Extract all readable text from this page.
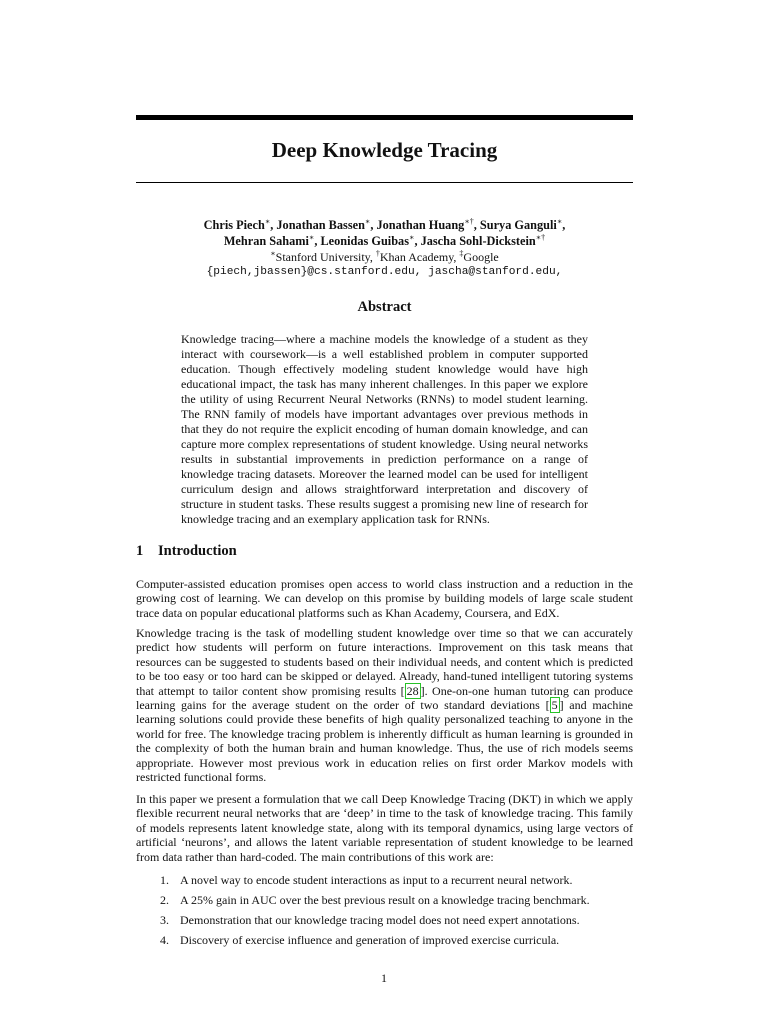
Deep Knowledge Tracing
Chris Piech∗, Jonathan Bassen∗, Jonathan Huang∗†, Surya Ganguli∗,
Mehran Sahami∗, Leonidas Guibas∗, Jascha Sohl-Dickstein∗†
∗Stanford University, †Khan Academy, ‡Google
{piech,jbassen}@cs.stanford.edu, jascha@stanford.edu,
Abstract

Knowledge tracing—where a machine models the knowledge of a student as they interact with coursework—is a well established problem in computer supported education. Though effectively modeling student knowledge would have high educational impact, the task has many inherent challenges. In this paper we explore the utility of using Recurrent Neural Networks (RNNs) to model student learning. The RNN family of models have important advantages over previous methods in that they do not require the explicit encoding of human domain knowledge, and can capture more complex representations of student knowledge. Using neural networks results in substantial improvements in prediction performance on a range of knowledge tracing datasets. Moreover the learned model can be used for intelligent curriculum design and allows straightforward interpretation and discovery of structure in student tasks. These results suggest a promising new line of research for knowledge tracing and an exemplary application task for RNNs.

1 Introduction

Computer-assisted education promises open access to world class instruction and a reduction in the growing cost of learning. We can develop on this promise by building models of large scale student trace data on popular educational platforms such as Khan Academy, Coursera, and EdX.

Knowledge tracing is the task of modelling student knowledge over time so that we can accurately predict how students will perform on future interactions. Improvement on this task means that resources can be suggested to students based on their individual needs, and content which is predicted to be too easy or too hard can be skipped or delayed. Already, hand-tuned intelligent tutoring systems that attempt to tailor content show promising results [ 28 ]. One-on-one human tutoring can produce learning gains for the average student on the order of two standard deviations [ 5 ] and machine learning solutions could provide these benefits of high quality personalized teaching to anyone in the world for free. The knowledge tracing problem is inherently difficult as human learning is grounded in the complexity of both the human brain and human knowledge. Thus, the use of rich models seems appropriate. However most previous work in education relies on first order Markov models with restricted functional forms.

In this paper we present a formulation that we call Deep Knowledge Tracing (DKT) in which we apply flexible recurrent neural networks that are ‘deep’ in time to the task of knowledge tracing. This family of models represents latent knowledge state, along with its temporal dynamics, using large vectors of artificial ‘neurons’, and allows the latent variable representation of student knowledge to be learned from data rather than hard-coded. The main contributions of this work are:

1. A novel way to encode student interactions as input to a recurrent neural network.
2. A 25% gain in AUC over the best previous result on a knowledge tracing benchmark.
3. Demonstration that our knowledge tracing model does not need expert annotations.
4. Discovery of exercise influence and generation of improved exercise curricula.
1
